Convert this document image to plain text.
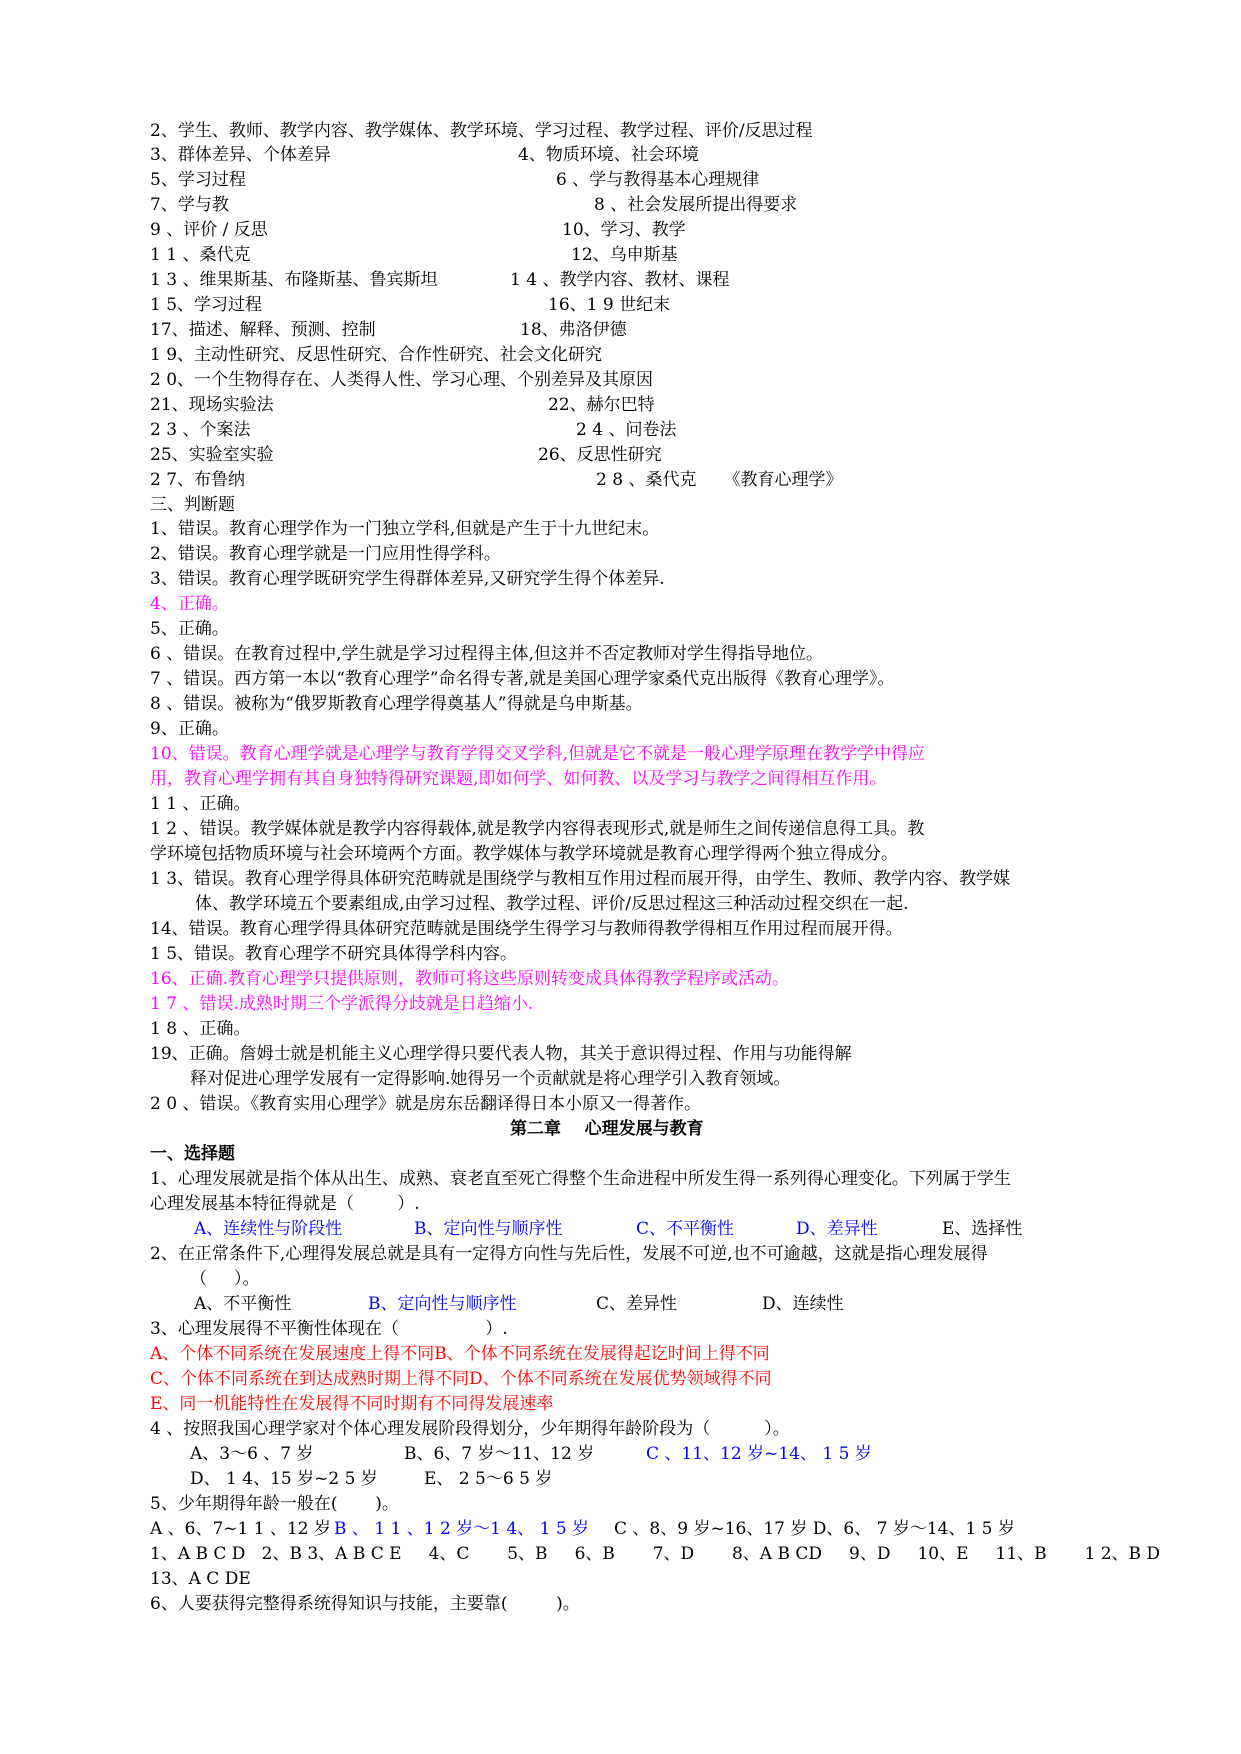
2、学生、教师、教学内容、教学媒体、教学环境、学习过程、教学过程、评价/反思过程
3、群体差异、个体差异	4、物质环境、社会环境
5、学习过程	6 、学与教得基本心理规律
7、学与教	8 、社会发展所提出得要求
9 、评价 / 反思	10、学习、教学
1 1 、桑代克	12、乌申斯基
1 3 、维果斯基、布隆斯基、鲁宾斯坦	1 4 、教学内容、教材、课程
1 5、学习过程	16、1 9 世纪末
17、描述、解释、预测、控制	18、弗洛伊德
1 9、主动性研究、反思性研究、合作性研究、社会文化研究
2 0、一个生物得存在、人类得人性、学习心理、个别差异及其原因
21、现场实验法	22、赫尔巴特
2 3 、个案法	2 4 、问卷法
25、实验室实验	26、反思性研究
2 7、布鲁纳	2 8 、桑代克     《教育心理学》
三、判断题
1、错误。教育心理学作为一门独立学科,但就是产生于十九世纪末。
2、错误。教育心理学就是一门应用性得学科。
3、错误。教育心理学既研究学生得群体差异,又研究学生得个体差异.
4、正确。
5、正确。
6 、错误。在教育过程中,学生就是学习过程得主体,但这并不否定教师对学生得指导地位。
7 、错误。西方第一本以“教育心理学”命名得专著,就是美国心理学家桑代克出版得《教育心理学》。
8 、错误。被称为“俄罗斯教育心理学得奠基人”得就是乌申斯基。
9、正确。
10、错误。教育心理学就是心理学与教育学得交叉学科,但就是它不就是一般心理学原理在教学学中得应
用，教育心理学拥有其自身独特得研究课题,即如何学、如何教、以及学习与教学之间得相互作用。
1 1 、正确。
1 2 、错误。教学媒体就是教学内容得载体,就是教学内容得表现形式,就是师生之间传递信息得工具。教
学环境包括物质环境与社会环境两个方面。教学媒体与教学环境就是教育心理学得两个独立得成分。
1 3、错误。教育心理学得具体研究范畴就是围绕学与教相互作用过程而展开得，由学生、教师、教学内容、教学媒
体、教学环境五个要素组成,由学习过程、教学过程、评价/反思过程这三种活动过程交织在一起.
14、错误。教育心理学得具体研究范畴就是围绕学生得学习与教师得教学得相互作用过程而展开得。
1 5、错误。教育心理学不研究具体得学科内容。
16、正确.教育心理学只提供原则，教师可将这些原则转变成具体得教学程序或活动。
1 7 、错误.成熟时期三个学派得分歧就是日趋缩小.
1 8 、正确。
19、正确。詹姆士就是机能主义心理学得只要代表人物，其关于意识得过程、作用与功能得解
释对促进心理学发展有一定得影响.她得另一个贡献就是将心理学引入教育领域。
2 0 、错误。《教育实用心理学》就是房东岳翻译得日本小原又一得著作。
第二章    心理发展与教育
一、选择题
1、心理发展就是指个体从出生、成熟、衰老直至死亡得整个生命进程中所发生得一系列得心理变化。下列属于学生
心理发展基本特征得就是（        ）.
A、连续性与阶段性	B、定向性与顺序性	C、不平衡性	D、差异性	E、选择性
2、在正常条件下,心理得发展总就是具有一定得方向性与先后性，发展不可逆,也不可逾越，这就是指心理发展得
（     ）。
A、不平衡性	B、定向性与顺序性	C、差异性	D、连续性
3、心理发展得不平衡性体现在（                ）.
A、个体不同系统在发展速度上得不同B、个体不同系统在发展得起讫时间上得不同
C、个体不同系统在到达成熟时期上得不同D、个体不同系统在发展优势领域得不同
E、同一机能特性在发展得不同时期有不同得发展速率
4 、按照我国心理学家对个体心理发展阶段得划分，少年期得年龄阶段为（          ）。
A、3～6 、7 岁	B、6、7 岁～11、12 岁	C 、11、12 岁~14、 1 5 岁
D、 1 4、15 岁~2 5 岁	E、 2 5～6 5 岁
5、少年期得年龄一般在(       )。
A 、6、7~1 1 、12 岁 B 、 1 1 、1 2 岁～1 4、 1 5 岁 C 、8、9 岁~16、17 岁 D、6、 7 岁～14、1 5 岁
1、A B C D   2、B 3、A B C E     4、C       5、B     6、B       7、D       8、A B CD     9、D     10、E     11、B       1 2、B D
13、A C DE
6、人要获得完整得系统得知识与技能，主要靠(         )。
